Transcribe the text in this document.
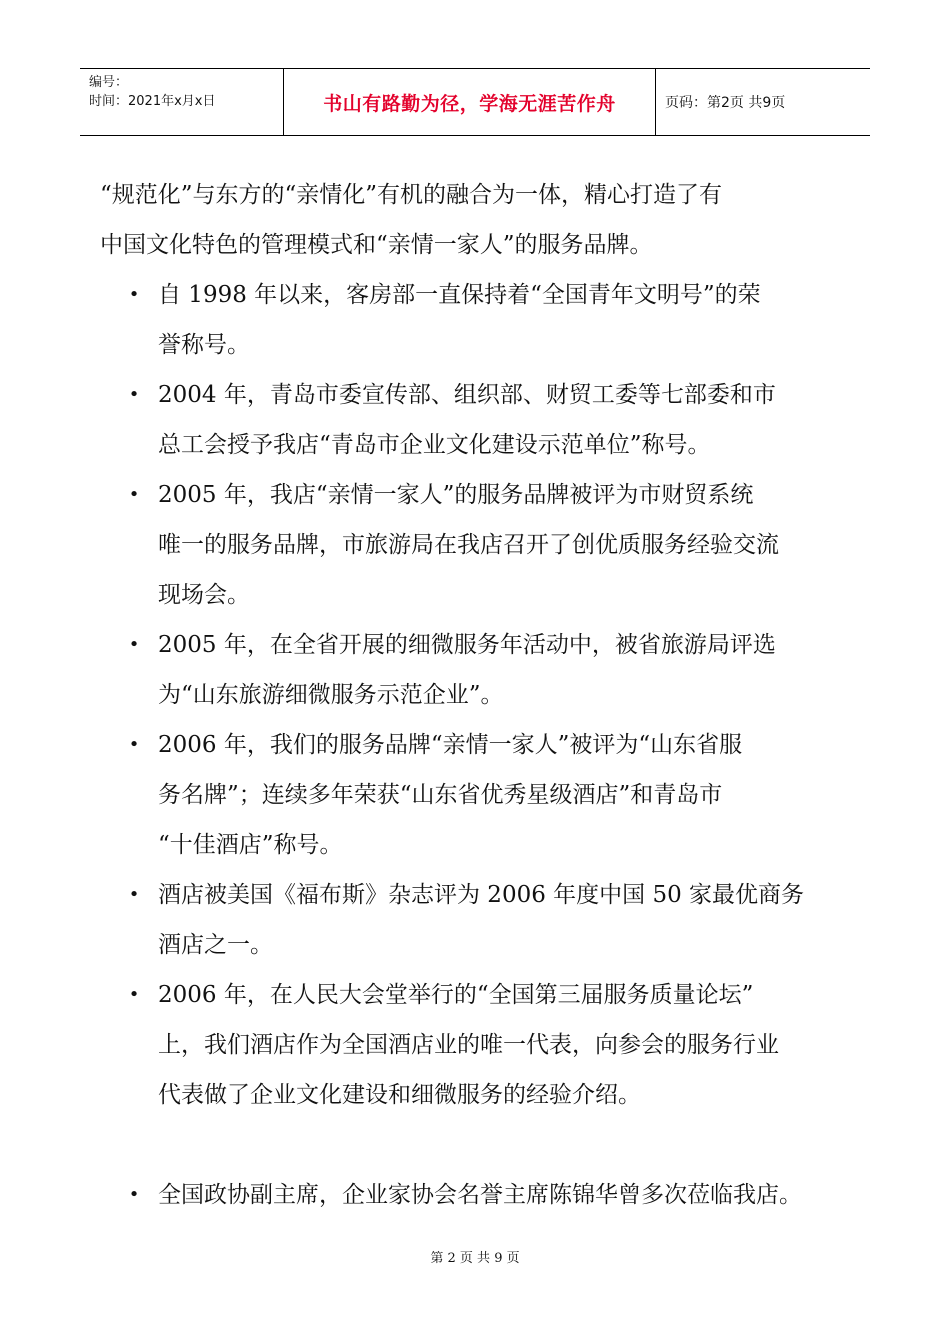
编号：
时间：2021年x月x日	书山有路勤为径，学海无涯苦作舟	页码：第2页 共9页

“规范化”与东方的“亲情化”有机的融合为一体，精心打造了有
中国文化特色的管理模式和“亲情一家人”的服务品牌。

• 自 1998 年以来，客房部一直保持着“全国青年文明号”的荣
誉称号。
• 2004 年，青岛市委宣传部、组织部、财贸工委等七部委和市
总工会授予我店“青岛市企业文化建设示范单位”称号。
• 2005 年，我店“亲情一家人”的服务品牌被评为市财贸系统
唯一的服务品牌，市旅游局在我店召开了创优质服务经验交流
现场会。
• 2005 年，在全省开展的细微服务年活动中，被省旅游局评选
为“山东旅游细微服务示范企业”。
• 2006 年，我们的服务品牌“亲情一家人”被评为“山东省服
务名牌”；连续多年荣获“山东省优秀星级酒店”和青岛市
“十佳酒店”称号。
• 酒店被美国《福布斯》杂志评为 2006 年度中国 50 家最优商务
酒店之一。
• 2006 年，在人民大会堂举行的“全国第三届服务质量论坛”
上，我们酒店作为全国酒店业的唯一代表，向参会的服务行业
代表做了企业文化建设和细微服务的经验介绍。
• 全国政协副主席，企业家协会名誉主席陈锦华曾多次莅临我店。
第 2 页 共 9 页
